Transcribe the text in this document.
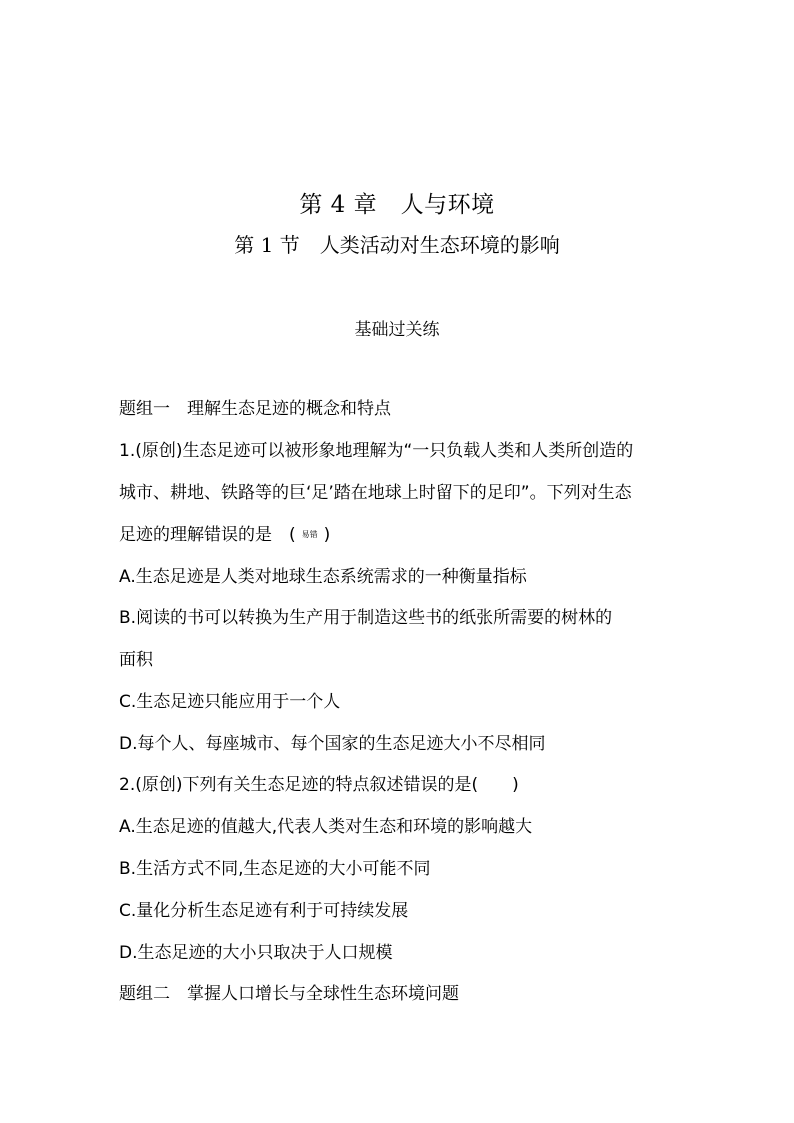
第 4 章　人与环境
第 1 节　人类活动对生态环境的影响
基础过关练
题组一　理解生态足迹的概念和特点
1.(原创)生态足迹可以被形象地理解为“一只负载人类和人类所创造的
城市、耕地、铁路等的巨‘足’踏在地球上时留下的足印”。下列对生态
足迹的理解错误的是　( 易错 )
A.生态足迹是人类对地球生态系统需求的一种衡量指标
B.阅读的书可以转换为生产用于制造这些书的纸张所需要的树林的
面积
C.生态足迹只能应用于一个人
D.每个人、每座城市、每个国家的生态足迹大小不尽相同
2.(原创)下列有关生态足迹的特点叙述错误的是(　　)
A.生态足迹的值越大,代表人类对生态和环境的影响越大
B.生活方式不同,生态足迹的大小可能不同
C.量化分析生态足迹有利于可持续发展
D.生态足迹的大小只取决于人口规模
题组二　掌握人口增长与全球性生态环境问题
